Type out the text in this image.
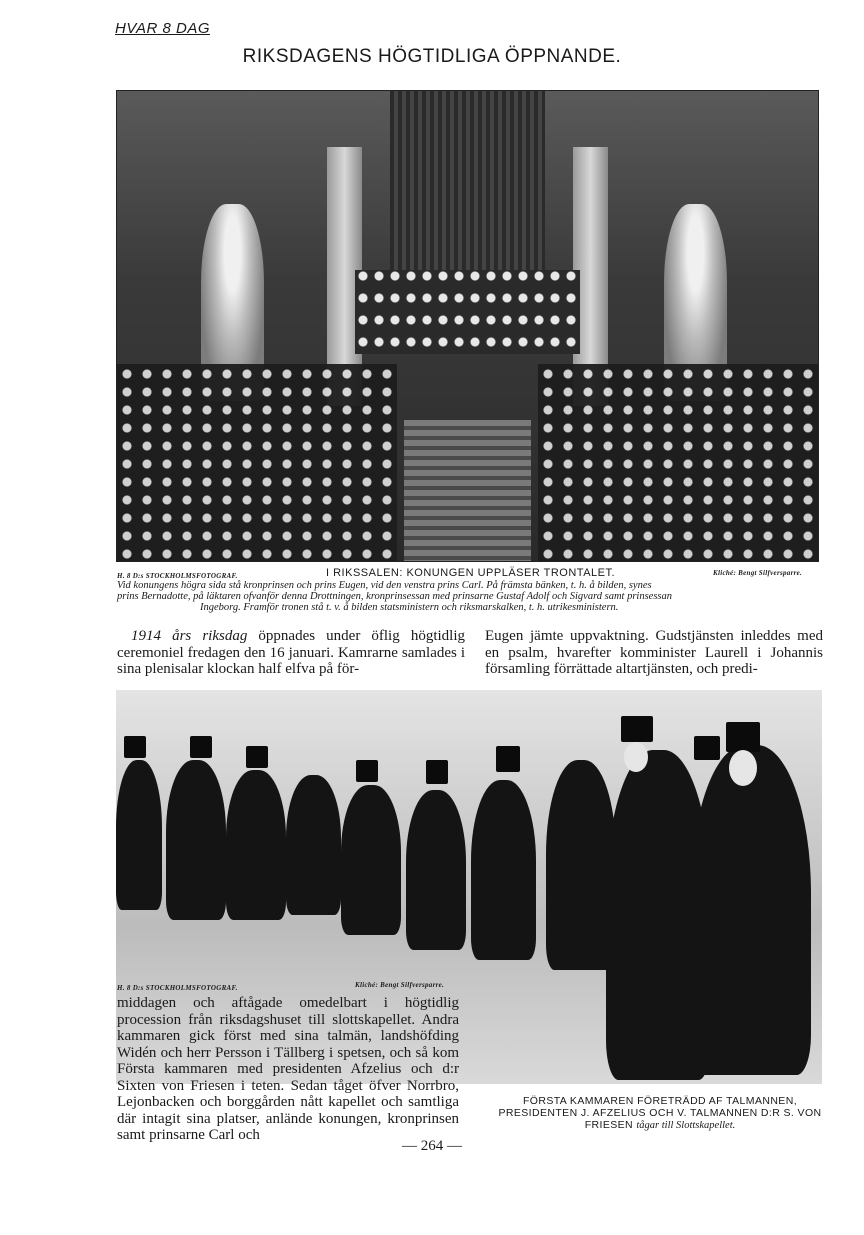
HVAR 8 DAG
RIKSDAGENS HÖGTIDLIGA ÖPPNANDE.
H. 8 D:s STOCKHOLMSFOTOGRAF.	I RIKSSALEN: KONUNGEN UPPLÄSER TRONTALET.	Kliché: Bengt Silfversparre.
Vid konungens högra sida stå kronprinsen och prins Eugen, vid den venstra prins Carl. På främsta bänken, t. h. å bilden, synes
prins Bernadotte, på läktaren ofvanför denna Drottningen, kronprinsessan med prinsarne Gustaf Adolf och Sigvard samt prinsessan
Ingeborg. Framför tronen stå t. v. å bilden statsministern och riksmarskalken, t. h. utrikesministern.
1914 års riksdag öppnades under öflig högtidlig ceremoniel fredagen den 16 januari. Kamrarne samlades i sina plenisalar klockan half elfva på för-
Eugen jämte uppvaktning. Gudstjänsten inleddes med en psalm, hvarefter komminister Laurell i Johannis församling förrättade altartjänsten, och predi-
H. 8 D:s STOCKHOLMSFOTOGRAF.	Kliché: Bengt Silfversparre.
middagen och aftågade omedelbart i högtidlig procession från riksdagshuset till slottskapellet. Andra kammaren gick först med sina talmän, landshöfding Widén och herr Persson i Tällberg i spetsen, och så kom Första kammaren med presidenten Afzelius och d:r Sixten von Friesen i teten. Sedan tåget öfver Norrbro, Lejonbacken och borggården nått kapellet och samtliga där intagit sina platser, anlände konungen, kronprinsen samt prinsarne Carl och
FÖRSTA KAMMAREN FÖRETRÄDD AF TALMANNEN, PRESIDENTEN J. AFZELIUS OCH V. TALMANNEN D:R S. VON FRIESEN tågar till Slottskapellet.
— 264 —
